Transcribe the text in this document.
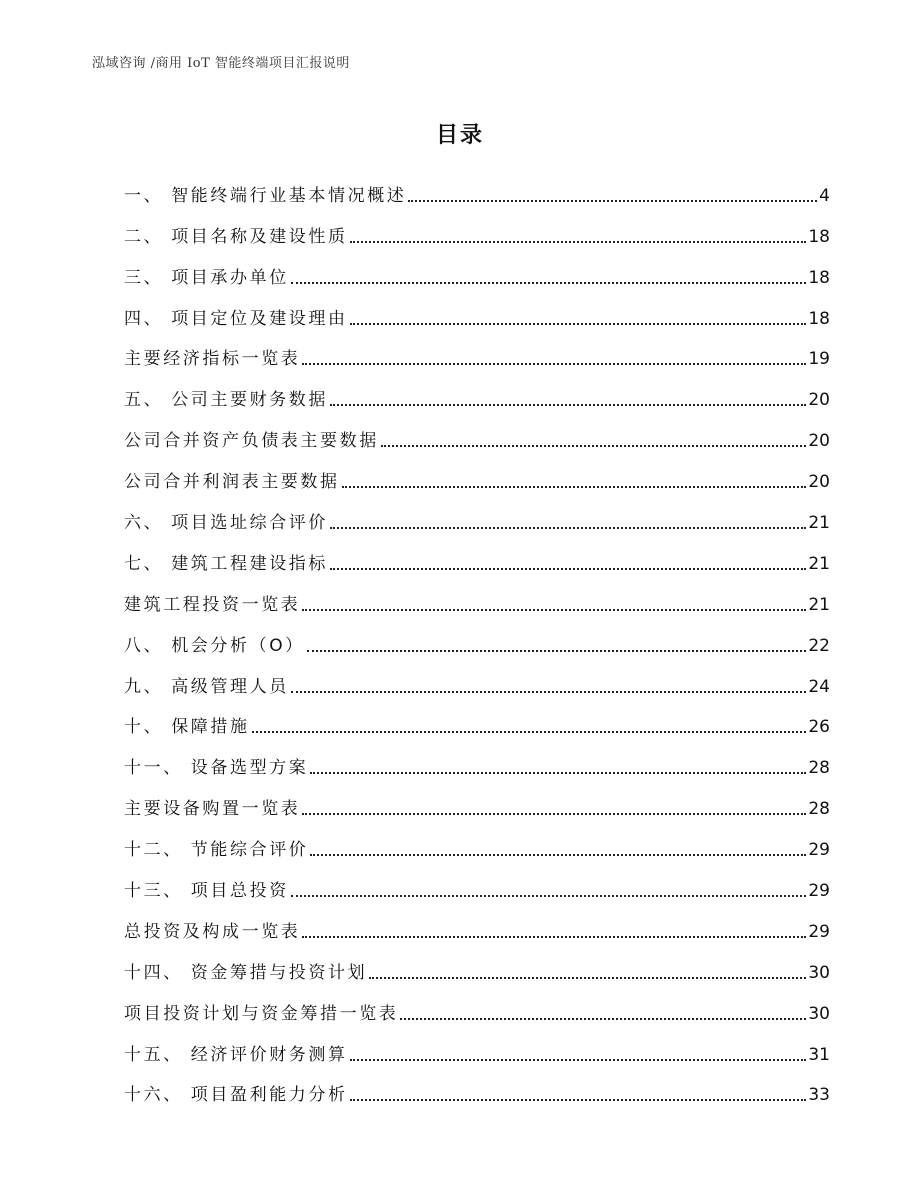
泓域咨询 /商用 IoT 智能终端项目汇报说明
目录
一、 智能终端行业基本情况概述	4
二、 项目名称及建设性质	18
三、 项目承办单位	18
四、 项目定位及建设理由	18
主要经济指标一览表	19
五、 公司主要财务数据	20
公司合并资产负债表主要数据	20
公司合并利润表主要数据	20
六、 项目选址综合评价	21
七、 建筑工程建设指标	21
建筑工程投资一览表	21
八、 机会分析（O）	22
九、 高级管理人员	24
十、 保障措施	26
十一、 设备选型方案	28
主要设备购置一览表	28
十二、 节能综合评价	29
十三、 项目总投资	29
总投资及构成一览表	29
十四、 资金筹措与投资计划	30
项目投资计划与资金筹措一览表	30
十五、 经济评价财务测算	31
十六、 项目盈利能力分析	33
